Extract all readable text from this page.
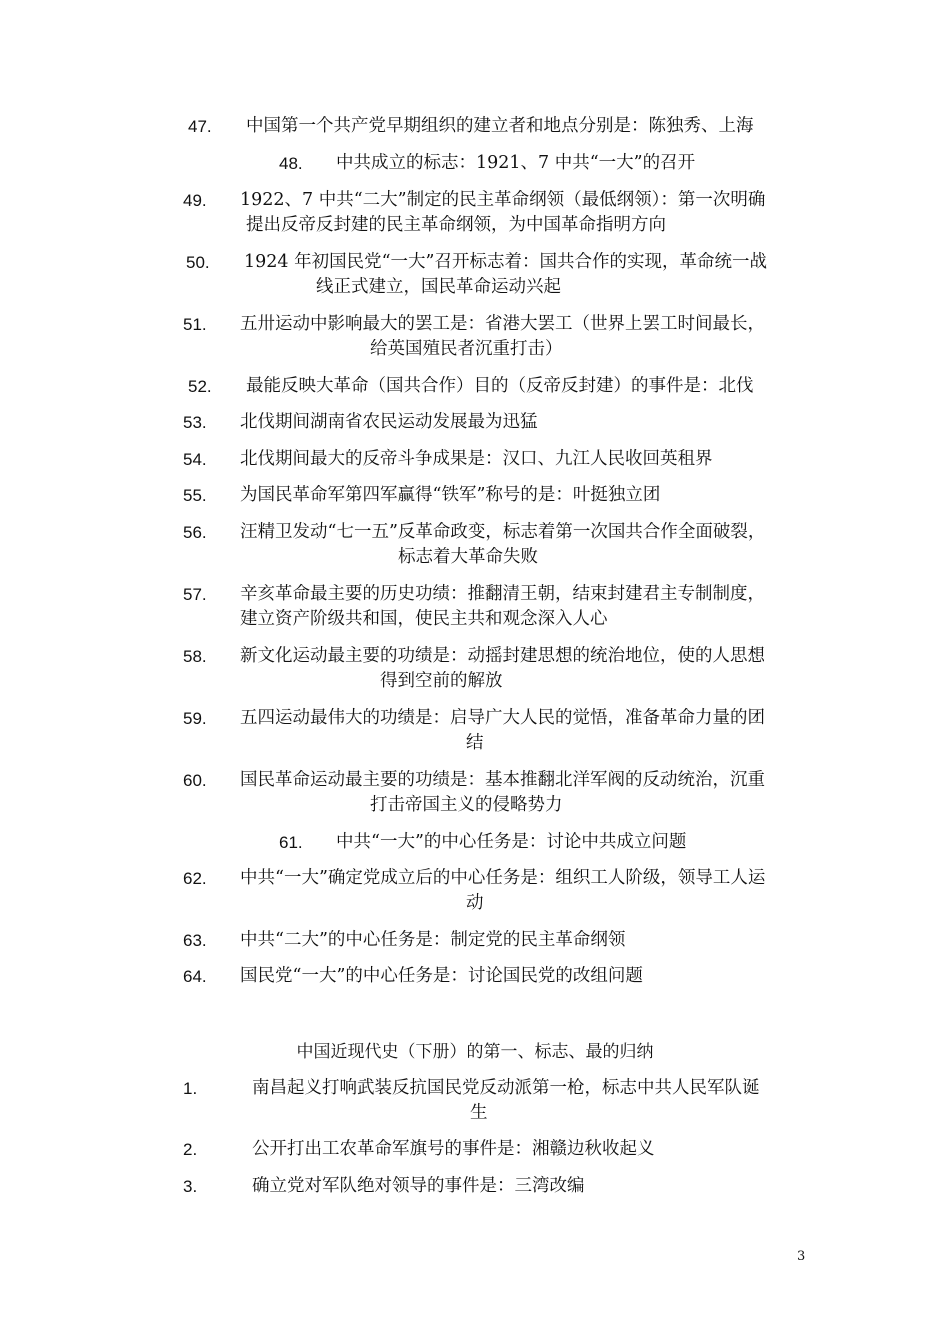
47. 中国第一个共产党早期组织的建立者和地点分别是：陈独秀、上海
48. 中共成立的标志：1921、7 中共“一大”的召开
49. 1922、7 中共“二大”制定的民主革命纲领（最低纲领）：第一次明确
提出反帝反封建的民主革命纲领，为中国革命指明方向
50. 1924 年初国民党“一大”召开标志着：国共合作的实现，革命统一战
线正式建立，国民革命运动兴起
51. 五卅运动中影响最大的罢工是：省港大罢工（世界上罢工时间最长，
给英国殖民者沉重打击）
52. 最能反映大革命（国共合作）目的（反帝反封建）的事件是：北伐
53. 北伐期间湖南省农民运动发展最为迅猛
54. 北伐期间最大的反帝斗争成果是：汉口、九江人民收回英租界
55. 为国民革命军第四军赢得“铁军”称号的是：叶挺独立团
56. 汪精卫发动“七一五”反革命政变，标志着第一次国共合作全面破裂，
标志着大革命失败
57. 辛亥革命最主要的历史功绩：推翻清王朝，结束封建君主专制制度，
建立资产阶级共和国，使民主共和观念深入人心
58. 新文化运动最主要的功绩是：动摇封建思想的统治地位，使的人思想
得到空前的解放
59. 五四运动最伟大的功绩是：启导广大人民的觉悟，准备革命力量的团
结
60. 国民革命运动最主要的功绩是：基本推翻北洋军阀的反动统治，沉重
打击帝国主义的侵略势力
61. 中共“一大”的中心任务是：讨论中共成立问题
62. 中共“一大”确定党成立后的中心任务是：组织工人阶级，领导工人运
动
63. 中共“二大”的中心任务是：制定党的民主革命纲领
64. 国民党“一大”的中心任务是：讨论国民党的改组问题
中国近现代史（下册）的第一、标志、最的归纳
1.	南昌起义打响武装反抗国民党反动派第一枪，标志中共人民军队诞
生
2.	公开打出工农革命军旗号的事件是：湘赣边秋收起义
3.	确立党对军队绝对领导的事件是：三湾改编
3
